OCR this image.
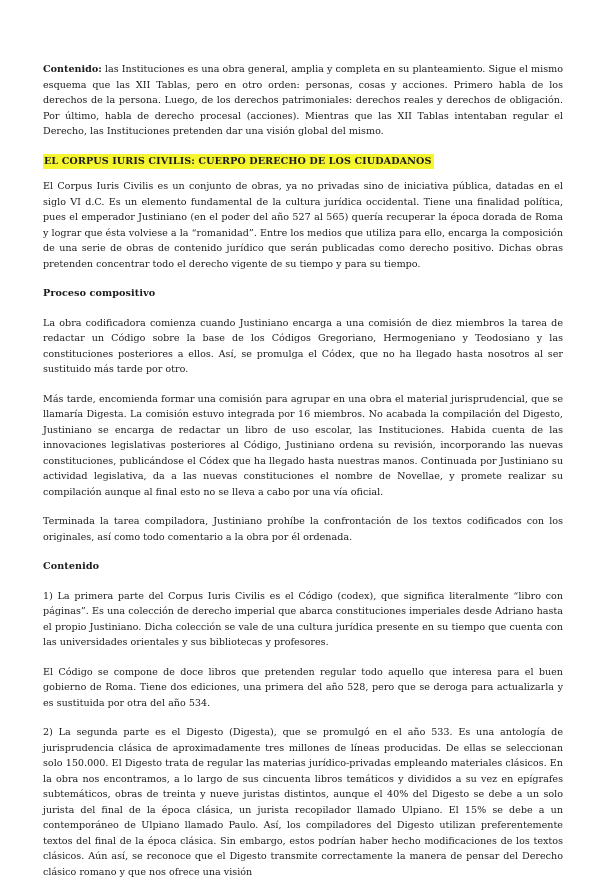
Contenido: las Instituciones es una obra general, amplia y completa en su planteamiento. Sigue el mismo esquema que las XII Tablas, pero en otro orden: personas, cosas y acciones. Primero habla de los derechos de la persona. Luego, de los derechos patrimoniales: derechos reales y derechos de obligación. Por último, habla de derecho procesal (acciones). Mientras que las XII Tablas intentaban regular el Derecho, las Instituciones pretenden dar una visión global del mismo.

EL CORPUS IURIS CIVILIS: CUERPO DERECHO DE LOS CIUDADANOS

El Corpus Iuris Civilis es un conjunto de obras, ya no privadas sino de iniciativa pública, datadas en el siglo VI d.C. Es un elemento fundamental de la cultura jurídica occidental. Tiene una finalidad política, pues el emperador Justiniano (en el poder del año 527 al 565) quería recuperar la época dorada de Roma y lograr que ésta volviese a la “romanidad”. Entre los medios que utiliza para ello, encarga la composición de una serie de obras de contenido jurídico que serán publicadas como derecho positivo. Dichas obras pretenden concentrar todo el derecho vigente de su tiempo y para su tiempo.

Proceso compositivo

La obra codificadora comienza cuando Justiniano encarga a una comisión de diez miembros la tarea de redactar un Código sobre la base de los Códigos Gregoriano, Hermogeniano y Teodosiano y las constituciones posteriores a ellos. Así, se promulga el Códex, que no ha llegado hasta nosotros al ser sustituido más tarde por otro.

Más tarde, encomienda formar una comisión para agrupar en una obra el material jurisprudencial, que se llamaría Digesta. La comisión estuvo integrada por 16 miembros. No acabada la compilación del Digesto, Justiniano se encarga de redactar un libro de uso escolar, las Instituciones. Habida cuenta de las innovaciones legislativas posteriores al Código, Justiniano ordena su revisión, incorporando las nuevas constituciones, publicándose el Códex que ha llegado hasta nuestras manos. Continuada por Justiniano su actividad legislativa, da a las nuevas constituciones el nombre de Novellae, y promete realizar su compilación aunque al final esto no se lleva a cabo por una vía oficial.

Terminada la tarea compiladora, Justiniano prohíbe la confrontación de los textos codificados con los originales, así como todo comentario a la obra por él ordenada.

Contenido

1) La primera parte del Corpus Iuris Civilis es el Código (codex), que significa literalmente “libro con páginas”. Es una colección de derecho imperial que abarca constituciones imperiales desde Adriano hasta el propio Justiniano. Dicha colección se vale de una cultura jurídica presente en su tiempo que cuenta con las universidades orientales y sus bibliotecas y profesores.

El Código se compone de doce libros que pretenden regular todo aquello que interesa para el buen gobierno de Roma. Tiene dos ediciones, una primera del año 528, pero que se deroga para actualizarla y es sustituida por otra del año 534.

2) La segunda parte es el Digesto (Digesta), que se promulgó en el año 533. Es una antología de jurisprudencia clásica de aproximadamente tres millones de líneas producidas. De ellas se seleccionan solo 150.000. El Digesto trata de regular las materias jurídico-privadas empleando materiales clásicos. En la obra nos encontramos, a lo largo de sus cincuenta libros temáticos y divididos a su vez en epígrafes subtemáticos, obras de treinta y nueve juristas distintos, aunque el 40% del Digesto se debe a un solo jurista del final de la época clásica, un jurista recopilador llamado Ulpiano. El 15% se debe a un contemporáneo de Ulpiano llamado Paulo. Así, los compiladores del Digesto utilizan preferentemente textos del final de la época clásica. Sin embargo, estos podrían haber hecho modificaciones de los textos clásicos. Aún así, se reconoce que el Digesto transmite correctamente la manera de pensar del Derecho clásico romano y que nos ofrece una visión
